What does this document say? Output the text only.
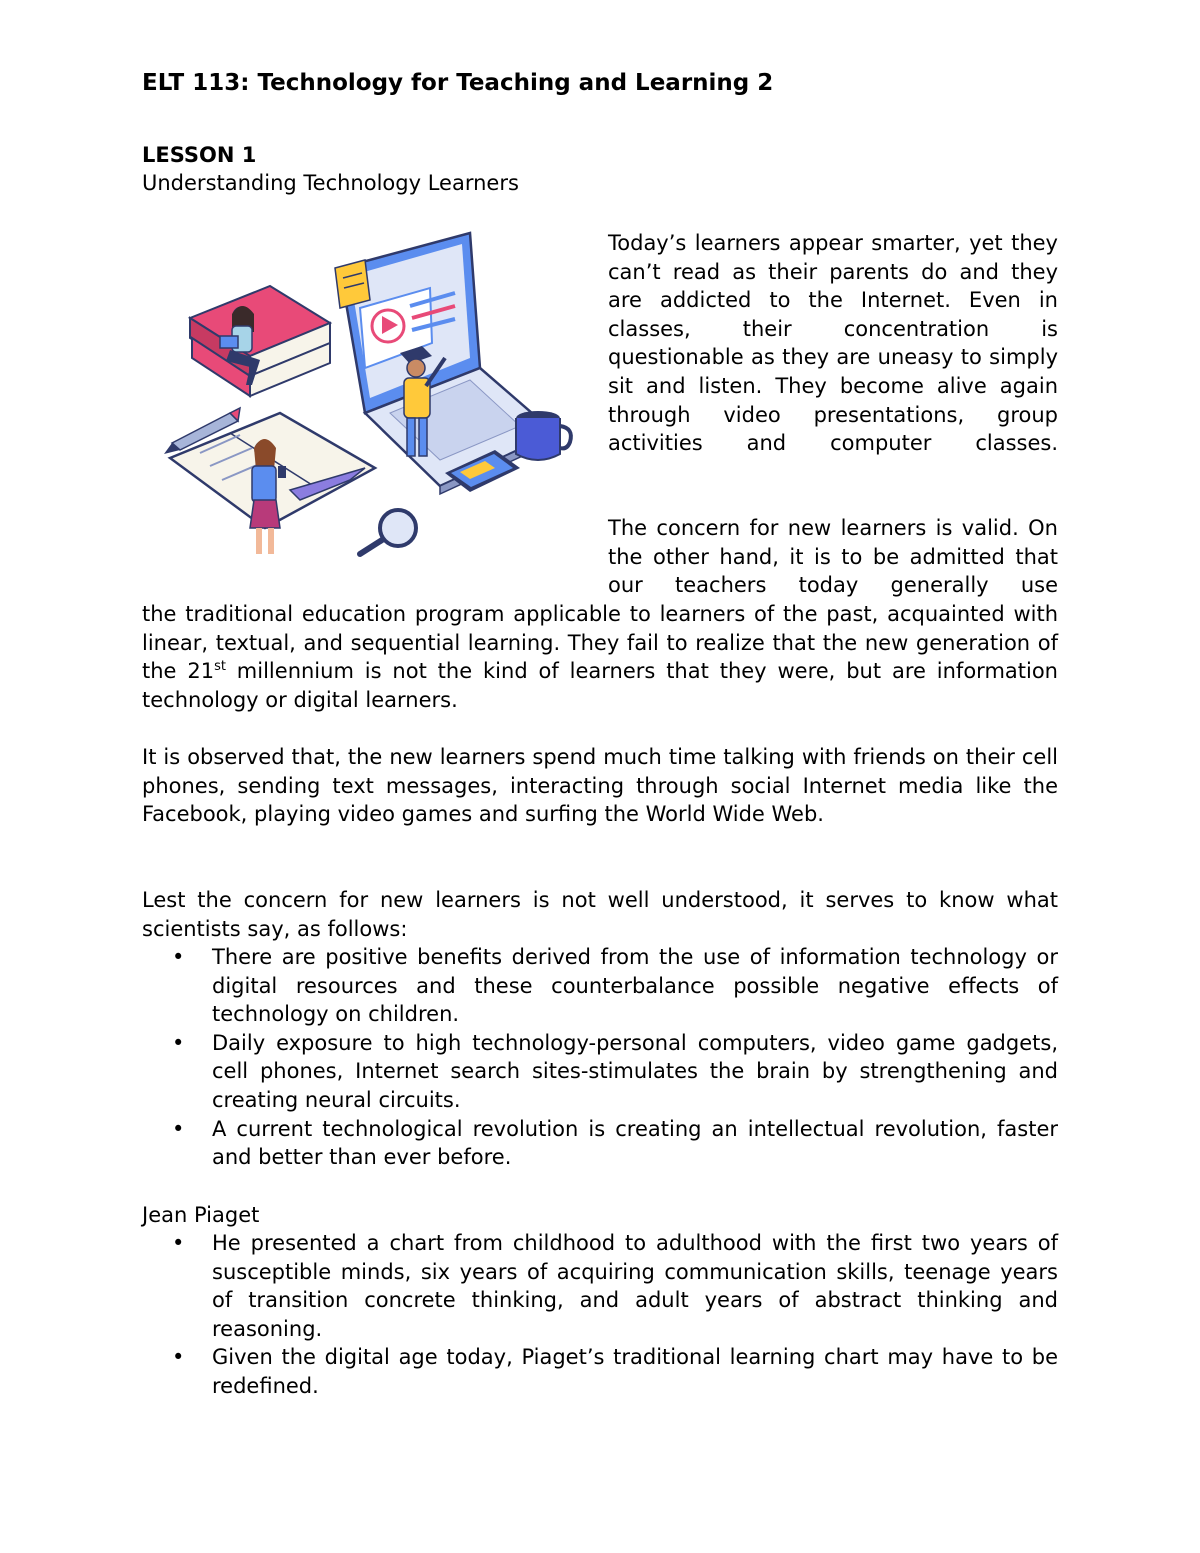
ELT 113: Technology for Teaching and Learning 2

LESSON 1

Understanding Technology Learners

Today’s learners appear smarter, yet they can’t read as their parents do and they are addicted to the Internet. Even in classes, their concentration is questionable as they are uneasy to simply sit and listen. They become alive again through video presentations, group activities and computer classes.

The concern for new learners is valid. On the other hand, it is to be admitted that our teachers today generally use

the traditional education program applicable to learners of the past, acquainted with linear, textual, and sequential learning. They fail to realize that the new generation of the 21st millennium is not the kind of learners that they were, but are information technology or digital learners.

It is observed that, the new learners spend much time talking with friends on their cell phones, sending text messages, interacting through social Internet media like the Facebook, playing video games and surfing the World Wide Web.

Lest the concern for new learners is not well understood, it serves to know what scientists say, as follows:

• There are positive benefits derived from the use of information technology or digital resources and these counterbalance possible negative effects of technology on children.
• Daily exposure to high technology-personal computers, video game gadgets, cell phones, Internet search sites-stimulates the brain by strengthening and creating neural circuits.
• A current technological revolution is creating an intellectual revolution, faster and better than ever before.

Jean Piaget

• He presented a chart from childhood to adulthood with the first two years of susceptible minds, six years of acquiring communication skills, teenage years of transition concrete thinking, and adult years of abstract thinking and reasoning.
• Given the digital age today, Piaget’s traditional learning chart may have to be redefined.
